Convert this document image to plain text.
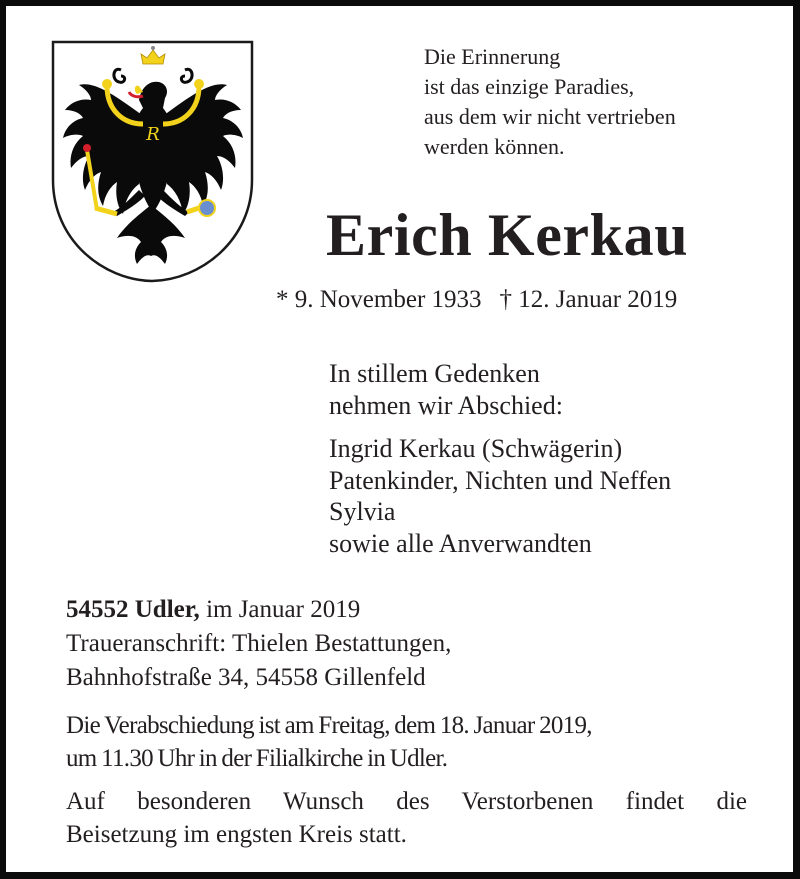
R
Die Erinnerung
ist das einzige Paradies,
aus dem wir nicht vertrieben
werden können.
Erich Kerkau
* 9. November 1933 † 12. Januar 2019
In stillem Gedenken
nehmen wir Abschied:
Ingrid Kerkau (Schwägerin)
Patenkinder, Nichten und Neffen
Sylvia
sowie alle Anverwandten
54552 Udler, im Januar 2019
Traueranschrift: Thielen Bestattungen,
Bahnhofstraße 34, 54558 Gillenfeld
Die Verabschiedung ist am Freitag, dem 18. Januar 2019,
um 11.30 Uhr in der Filialkirche in Udler.
Auf besonderen Wunsch des Verstorbenen findet die
Beisetzung im engsten Kreis statt.
